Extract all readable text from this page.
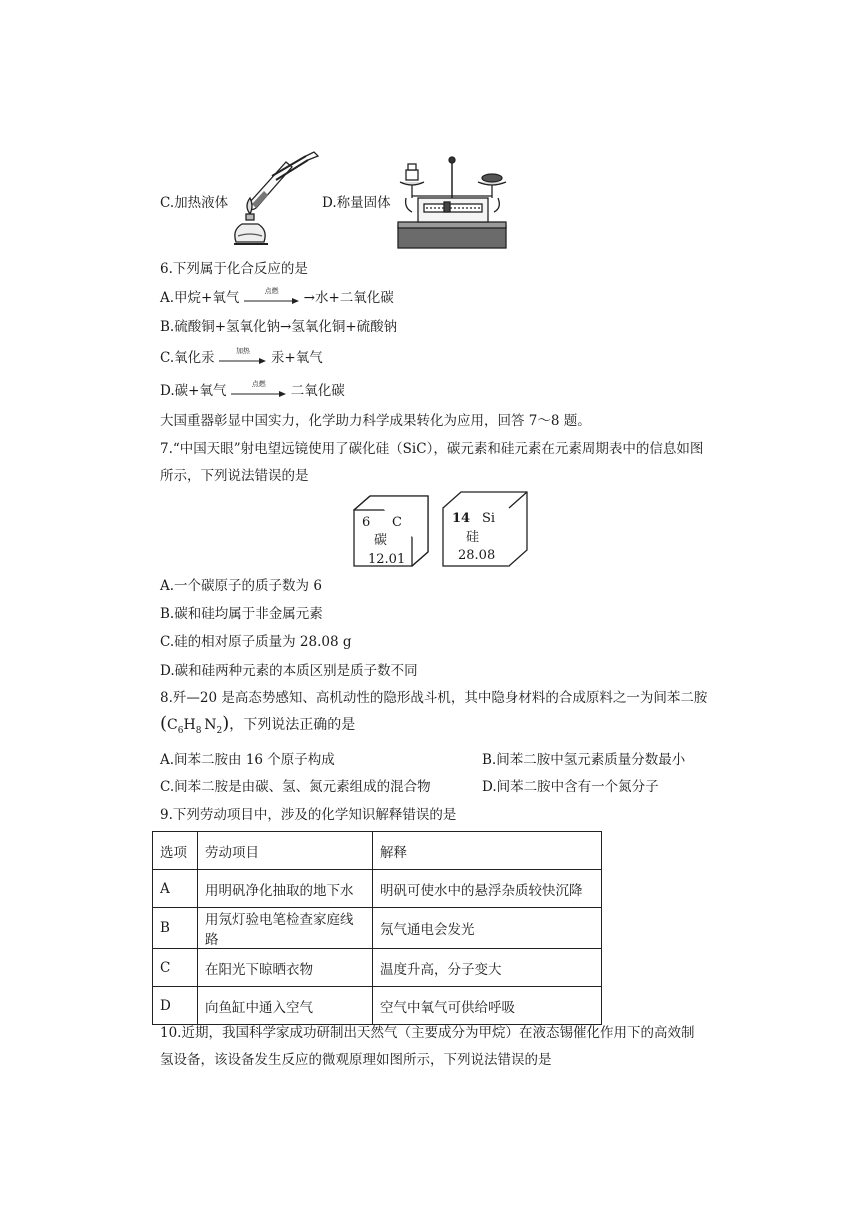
C.加热液体	D.称量固体
6.下列属于化合反应的是
A.甲烷+氧气	点燃	→水+二氧化碳
B.硫酸铜+氢氧化钠→氢氧化铜+硫酸钠
C.氧化汞	加热	汞+氧气
D.碳+氧气	点燃	二氧化碳
大国重器彰显中国实力，化学助力科学成果转化为应用，回答 7～8 题。
7.“中国天眼”射电望远镜使用了碳化硅（SiC），碳元素和硅元素在元素周期表中的信息如图
所示，下列说法错误的是
6 C
碳
12.01
14 Si
硅
28.08
A.一个碳原子的质子数为 6
B.碳和硅均属于非金属元素
C.硅的相对原子质量为 28.08 g
D.碳和硅两种元素的本质区别是质子数不同
8.歼—20 是高态势感知、高机动性的隐形战斗机，其中隐身材料的合成原料之一为间苯二胺
($C_6H_8$  $N_2$)，下列说法正确的是
A.间苯二胺由 16 个原子构成	B.间苯二胺中氢元素质量分数最小
C.间苯二胺是由碳、氢、氮元素组成的混合物	D.间苯二胺中含有一个氮分子
9.下列劳动项目中，涉及的化学知识解释错误的是
选项	劳动项目	解释
A	用明矾净化抽取的地下水	明矾可使水中的悬浮杂质较快沉降
B	用氖灯验电笔检查家庭线路	氖气通电会发光
C	在阳光下晾晒衣物	温度升高，分子变大
D	向鱼缸中通入空气	空气中氧气可供给呼吸
10.近期，我国科学家成功研制出天然气（主要成分为甲烷）在液态锡催化作用下的高效制
氢设备，该设备发生反应的微观原理如图所示，下列说法错误的是
